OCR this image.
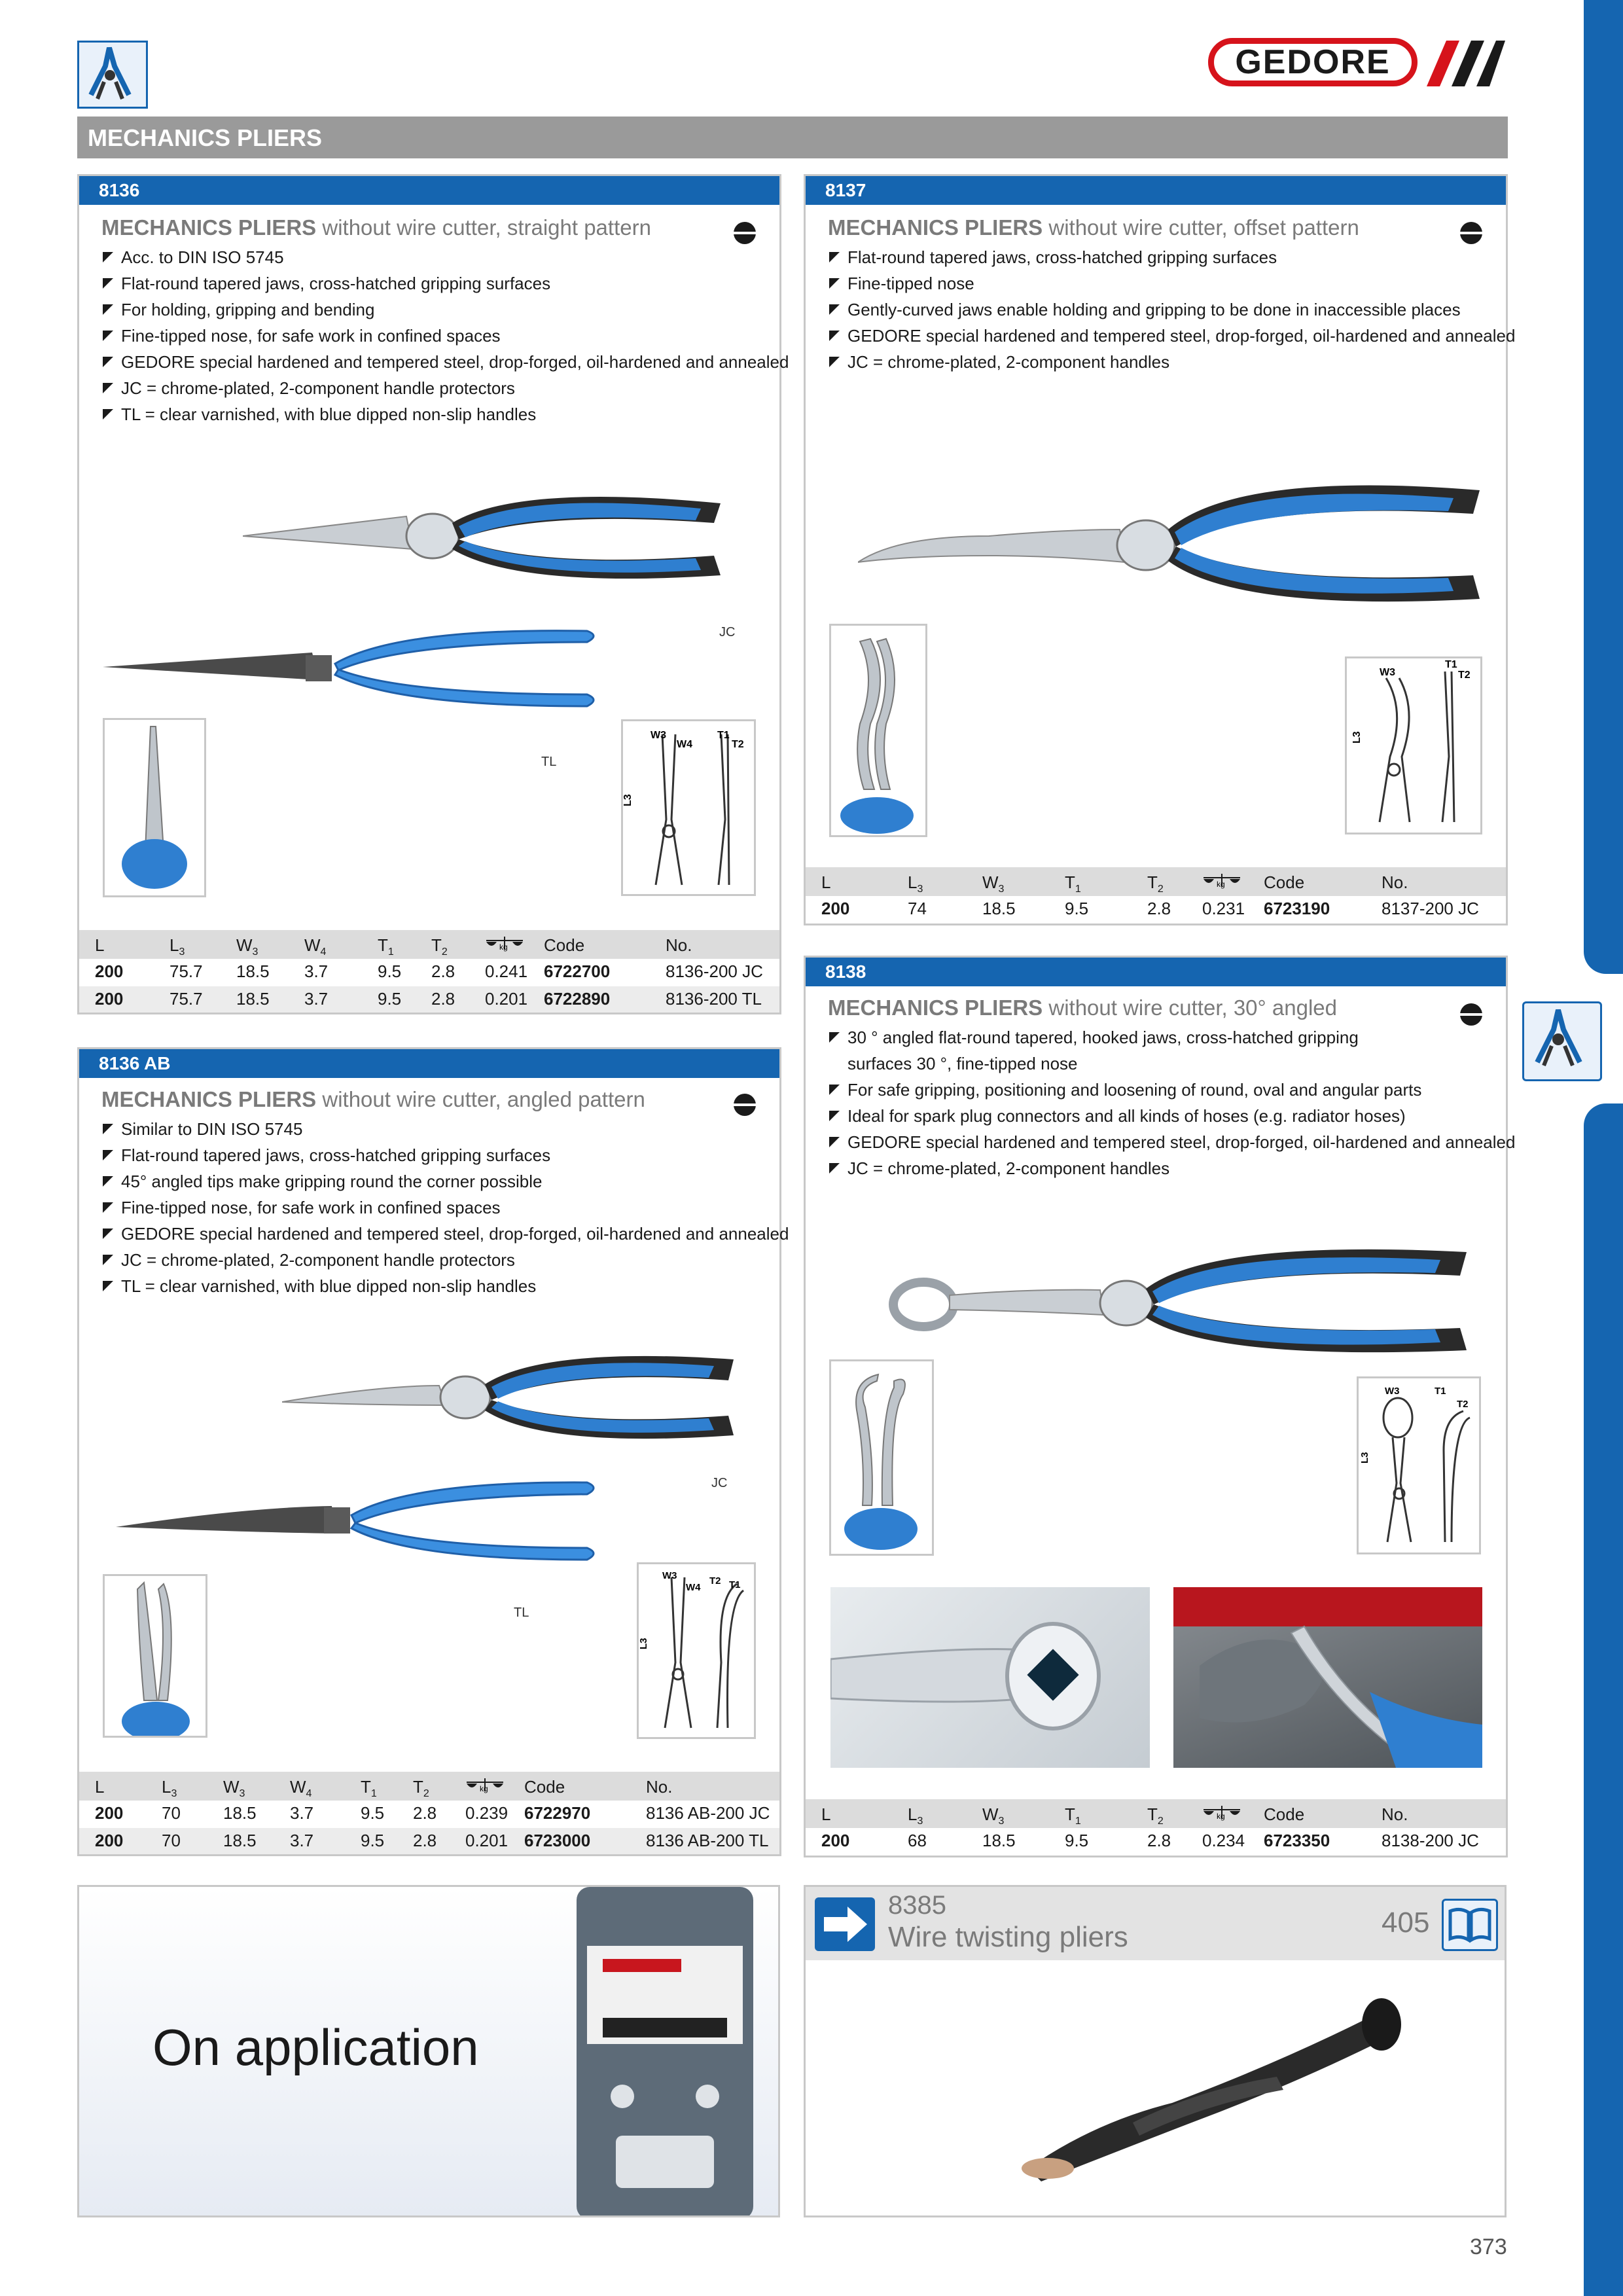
GEDORE
MECHANICS PLIERS
8136
MECHANICS PLIERS without wire cutter, straight pattern
Acc. to DIN ISO 5745
Flat-round tapered jaws, cross-hatched gripping surfaces
For holding, gripping and bending
Fine-tipped nose, for safe work in confined spaces
GEDORE special hardened and tempered steel, drop-forged, oil-hardened and annealed
JC = chrome-plated, 2-component handle protectors
TL = clear varnished, with blue dipped non-slip handles
JC
TL
W3
W4
T1
T2
L3
L	$L_3$	$W_3$	$W_4$	$T_1$ $T_2$	kg Code	No.
200	75.7 18.5 3.7	9.5 2.8 0.241 6722700	8136-200 JC
200	75.7 18.5 3.7	9.5 2.8 0.201 6722890	8136-200 TL
8136 AB
MECHANICS PLIERS without wire cutter, angled pattern
Similar to DIN ISO 5745
Flat-round tapered jaws, cross-hatched gripping surfaces
45° angled tips make gripping round the corner possible
Fine-tipped nose, for safe work in confined spaces
GEDORE special hardened and tempered steel, drop-forged, oil-hardened and annealed
JC = chrome-plated, 2-component handle protectors
TL = clear varnished, with blue dipped non-slip handles
JC
TL
W3
W4
T2 T1
L3
L	$L_3$	$W_3$	$W_4$	$T_1$ $T_2$	kg Code	No.
200 70	18.5 3.7	9.5 2.8 0.239 6722970	8136 AB-200 JC
200 70	18.5 3.7	9.5 2.8 0.201 6723000	8136 AB-200 TL
8137
MECHANICS PLIERS without wire cutter, offset pattern
Flat-round tapered jaws, cross-hatched gripping surfaces
Fine-tipped nose
Gently-curved jaws enable holding and gripping to be done in inaccessible places
GEDORE special hardened and tempered steel, drop-forged, oil-hardened and annealed
JC = chrome-plated, 2-component handles
W3
T1
T2
L3
L	$L_3$	$W_3$	$T_1$	$T_2$	kg Code	No.
200	74	18.5	9.5	2.8 0.231 6723190	8137-200 JC
8138
MECHANICS PLIERS without wire cutter, 30° angled
30 ° angled flat-round tapered, hooked jaws, cross-hatched gripping
surfaces 30 °, fine-tipped nose
For safe gripping, positioning and loosening of round, oval and angular parts
Ideal for spark plug connectors and all kinds of hoses (e.g. radiator hoses)
GEDORE special hardened and tempered steel, drop-forged, oil-hardened and annealed
JC = chrome-plated, 2-component handles
W3	T1
T2
L3
L	$L_3$	$W_3$	$T_1$	$T_2$	kg Code	No.
200	68	18.5	9.5	2.8 0.234 6723350	8138-200 JC
On application
8385
Wire twisting pliers	405
373
